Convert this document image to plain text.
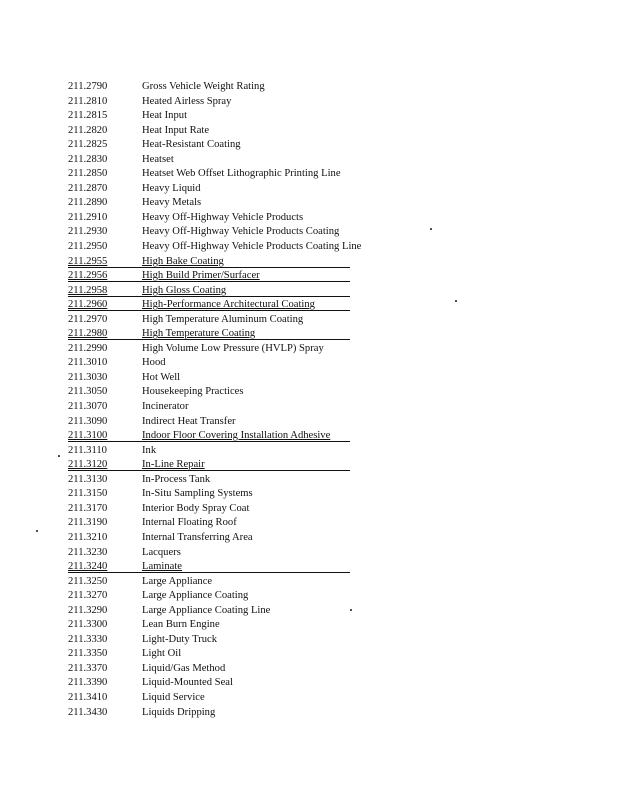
211.2790	Gross Vehicle Weight Rating
211.2810	Heated Airless Spray
211.2815	Heat Input
211.2820	Heat Input Rate
211.2825	Heat-Resistant Coating
211.2830	Heatset
211.2850	Heatset Web Offset Lithographic Printing Line
211.2870	Heavy Liquid
211.2890	Heavy Metals
211.2910	Heavy Off-Highway Vehicle Products
211.2930	Heavy Off-Highway Vehicle Products Coating
211.2950	Heavy Off-Highway Vehicle Products Coating Line
211.2955	High Bake Coating
211.2956	High Build Primer/Surfacer
211.2958	High Gloss Coating
211.2960	High-Performance Architectural Coating
211.2970	High Temperature Aluminum Coating
211.2980	High Temperature Coating
211.2990	High Volume Low Pressure (HVLP) Spray
211.3010	Hood
211.3030	Hot Well
211.3050	Housekeeping Practices
211.3070	Incinerator
211.3090	Indirect Heat Transfer
211.3100	Indoor Floor Covering Installation Adhesive
211.3110	Ink
211.3120	In-Line Repair
211.3130	In-Process Tank
211.3150	In-Situ Sampling Systems
211.3170	Interior Body Spray Coat
211.3190	Internal Floating Roof
211.3210	Internal Transferring Area
211.3230	Lacquers
211.3240	Laminate
211.3250	Large Appliance
211.3270	Large Appliance Coating
211.3290	Large Appliance Coating Line
211.3300	Lean Burn Engine
211.3330	Light-Duty Truck
211.3350	Light Oil
211.3370	Liquid/Gas Method
211.3390	Liquid-Mounted Seal
211.3410	Liquid Service
211.3430	Liquids Dripping
